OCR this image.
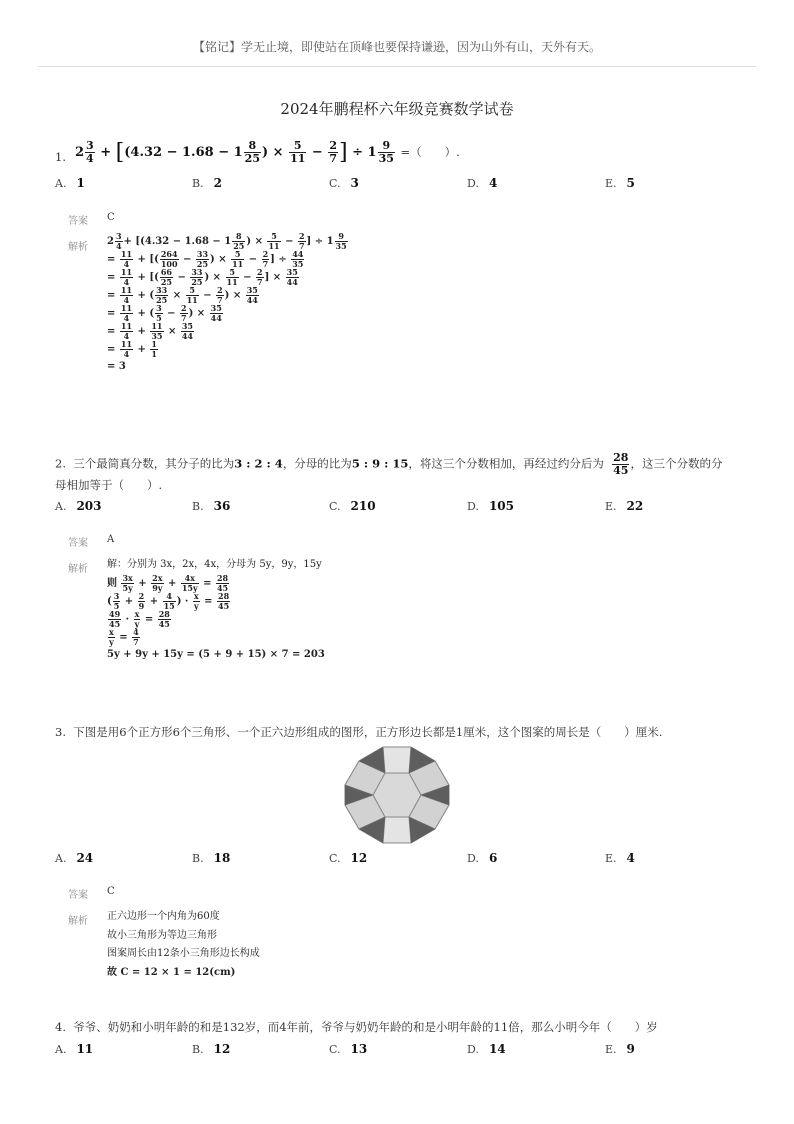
【铭记】学无止境，即使站在顶峰也要保持谦逊，因为山外有山，天外有天。
2024年鹏程杯六年级竞赛数学试卷
1. $2 \frac{3}{4} + [(4.32 - 1.68 - 1 \frac{8}{25}$ ) × $\frac{5}{11} - \frac{2}{7}$ ] ÷ $1 \frac{9}{35}$ =（　　）.
A. 1	B. 2	C. 3	D. 4	E. 5
答案 C
解析
$2 \frac{3}{4} + [(4.32 - 1.68 - 1 \frac{8}{25}$ ) × $\frac{5}{11} - \frac{2}{7}$ ] ÷ $1 \frac{9}{35}$
= $\frac{11}{4}$ + [( $\frac{264}{100} - \frac{33}{25}$ ) × $\frac{5}{11} - \frac{2}{7}$ ] ÷ $\frac{44}{35}$
= $\frac{11}{4}$ + [( $\frac{66}{25} - \frac{33}{25}$ ) × $\frac{5}{11} - \frac{2}{7}$ ] × $\frac{35}{44}$
= $\frac{11}{4}$ + ( $\frac{33}{25} \times \frac{5}{11} - \frac{2}{7}$ ) × $\frac{35}{44}$
= $\frac{11}{4}$ + ( $\frac{3}{5} - \frac{2}{7}$ ) × $\frac{35}{44}$
= $\frac{11}{4} + \frac{11}{35} \times \frac{35}{44}$
= $\frac{11}{4} + \frac{1}{1}$
= 3
2. 三个最简真分数，其分子的比为3 : 2 : 4，分母的比为5 : 9 : 15，将这三个分数相加，再经过约分后为 $\frac{28}{45}$ ，这三个分数的分
母相加等于（　　）.
A. 203	B. 36	C. 210	D. 105	E. 22
答案 A
解析 解：分别为 3x，2x，4x，分母为 5y，9y，15y
则 $\frac{3x}{5y} + \frac{2x}{9y} + \frac{4x}{15y} = \frac{28}{45}$
( $\frac{3}{5} + \frac{2}{9} + \frac{4}{15}$ ) · $\frac{x}{y} = \frac{28}{45}$
$\frac{49}{45} \cdot \frac{x}{y} = \frac{28}{45}$
$\frac{x}{y} = \frac{4}{7}$
5y + 9y + 15y = (5 + 9 + 15) × 7 = 203
3. 下图是用6个正方形6个三角形、一个正六边形组成的图形，正方形边长都是1厘米，这个图案的周长是（　　）厘米.
A. 24	B. 18	C. 12	D. 6	E. 4
答案 C
解析 正六边形一个内角为60度
故小三角形为等边三角形
图案周长由12条小三角形边长构成
故 C = 12 × 1 = 12(cm)
4. 爷爷、奶奶和小明年龄的和是132岁，而4年前，爷爷与奶奶年龄的和是小明年龄的11倍，那么小明今年（　　）岁
A. 11	B. 12	C. 13	D. 14	E. 9
